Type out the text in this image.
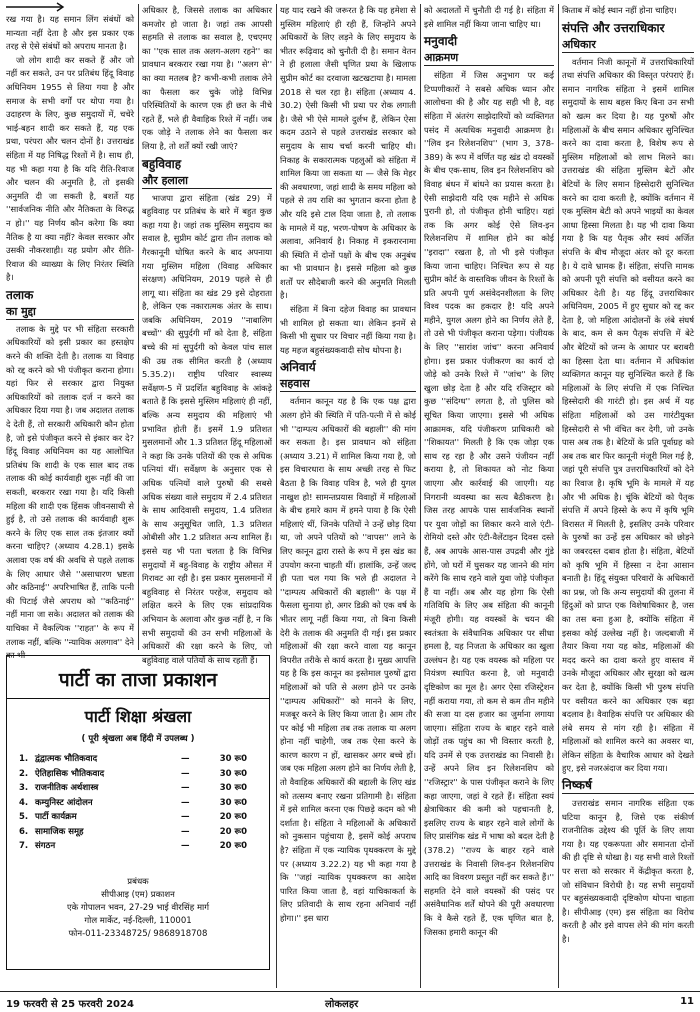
रख गया है। यह समान लिंग संबंधों को मान्यता नहीं देता है और इस प्रकार एक तरह से ऐसे संबंधों को अपराध मानता है।

जो लोग शादी कर सकते हैं और जो नहीं कर सकते, उन पर प्रतिबंध हिंदू विवाह अधिनियम 1955 से लिया गया है और समाज के सभी वर्गों पर थोपा गया है। उदाहरण के लिए, कुछ समुदायों में, चचेरे भाई-बहन शादी कर सकते हैं, यह एक प्रथा, परंपरा और चलन दोनों है। उत्तराखंड संहिता में यह निषिद्ध रिश्तों में है। साथ ही, यह भी कहा गया है कि यदि रीति-रिवाज और चलन की अनुमति है, तो इसकी अनुमति दी जा सकती है, बशर्ते यह ''सार्वजनिक नीति और नैतिकता के विरुद्ध न हो।'' यह निर्णय कौन करेगा कि क्या नैतिक है या क्या नहीं? केवल सरकार और उसकी नौकरशाही। यह प्रयोग और रीति-रिवाज की व्याख्या के लिए निरंतर स्थिति है।

तलाक
का मुद्दा

तलाक के मुद्दे पर भी संहिता सरकारी अधिकारियों को इसी प्रकार का हस्तक्षेप करने की शक्ति देती है। तलाक या विवाह को रद्द करने को भी पंजीकृत कराना होगा। यहां फिर से सरकार द्वारा नियुक्त अधिकारियों को तलाक दर्ज न करने का अधिकार दिया गया है। जब अदालत तलाक दे देती हैं, तो सरकारी अधिकारी कौन होता है, जो इसे पंजीकृत करने से इंकार कर दे? हिंदू विवाह अधिनियम का यह आलोचित प्रतिबंध कि शादी के एक साल बाद तक तलाक की कोई कार्यवाही शुरू नहीं की जा सकती, बरकरार रखा गया है। यदि किसी महिला की शादी एक हिंसक जीवनसाथी से हुई है, तो उसे तलाक की कार्यवाही शुरू करने के लिए एक साल तक इंतजार क्यों करना चाहिए? (अध्याय 4.28.1) इसके अलावा एक वर्ष की अवधि से पहले तलाक के लिए आधार जैसे ''असाधारण भ्रष्टता और कठिनाई'' अपरिभाषित हैं, ताकि पत्नी की पिटाई जैसे अपराध को ''कठिनाई'' नहीं माना जा सके। अदालत को तलाक की याचिका में वैकल्पिक ''राहत'' के रूप में तलाक नहीं, बल्कि ''न्यायिक अलगाव'' देने का भी

अधिकार है, जिससे तलाक का अधिकार कमजोर हो जाता है। जहां तक आपसी सहमति से तलाक का सवाल है, एचएमए का ''एक साल तक अलग-अलग रहने'' का प्रावधान बरकरार रखा गया है। ''अलग से'' का क्या मतलब है? कभी-कभी तलाक लेने का फैसला कर चुके जोड़े विभिन्न परिस्थितियों के कारण एक ही छत के नीचे रहते हैं, भले ही वैवाहिक रिश्ते में नहीं। जब एक जोड़े ने तलाक लेने का फैसला कर लिया है, तो शर्तें क्यों रखी जाएं?

बहुविवाह
और हलाला

भाजपा द्वारा संहिता (खंड 29) में बहुविवाह पर प्रतिबंध के बारे में बहुत कुछ कहा गया है। जहां तक मुस्लिम समुदाय का सवाल है, सुप्रीम कोर्ट द्वारा तीन तलाक को गैरकानूनी घोषित करने के बाद अपनाया गया मुस्लिम महिला (विवाह अधिकार संरक्षण) अधिनियम, 2019 पहले से ही लागू था। संहिता का खंड 29 इसे दोहराता है, लेकिन एक नकारात्मक अंतर के साथ। जबकि अधिनियम, 2019 ''नाबालिग बच्चों'' की सुपुर्दगी माँ को देता है, संहिता बच्चे की मां सुपुर्दगी को केवल पांच साल की उम्र तक सीमित करती है (अध्याय 5.35.2)। राष्ट्रीय परिवार स्वास्थ्य सर्वेक्षण-5 में प्रदर्शित बहुविवाह के आंकड़े बताते हैं कि इससे मुस्लिम महिलाएं ही नहीं, बल्कि अन्य समुदाय की महिलाएं भी प्रभावित होती हैं। इसमें 1.9 प्रतिशत मुसलमानों और 1.3 प्रतिशत हिंदू महिलाओं ने कहा कि उनके पतियों की एक से अधिक पत्नियां थीं। सर्वेक्षण के अनुसार एक से अधिक पत्नियों वाले पुरुषों की सबसे अधिक संख्या वाले समुदाय में 2.4 प्रतिशत के साथ आदिवासी समुदाय, 1.4 प्रतिशत के साथ अनुसूचित जाति, 1.3 प्रतिशत ओबीसी और 1.2 प्रतिशत अन्य शामिल हैं। इससे यह भी पता चलता है कि विभिन्न समुदायों में बहु-विवाह के राष्ट्रीय औसत में गिरावट आ रही है। इस प्रकार मुसलमानों में बहुविवाह से निरंतर परहेज, समुदाय को लक्षित करने के लिए एक सांप्रदायिक अभियान के अलावा और कुछ नहीं है, न कि सभी समुदायों की उन सभी महिलाओं के अधिकारों की रक्षा करने के लिए, जो बहुविवाह वाले पतियों के साथ रहती हैं।

पार्टी का ताजा प्रकाशन
पार्टी शिक्षा श्रंखला
( पूरी श्रृंखला अब हिंदी में उपलब्ध )
1. द्वंद्वात्मक भौतिकवाद	—	30 रू0
2. ऐतिहासिक भौतिकवाद	—	30 रू0
3. राजनीतिक अर्थशास्त्र	—	30 रू0
4. कम्युनिस्ट आंदोलन	—	30 रू0
5. पार्टी कार्यक्रम	—	20 रू0
6. सामाजिक समूह	—	20 रू0
7. संगठन	—	20 रू0
प्रबंधक
सीपीआइ (एम) प्रकाशन
एके गोपालन भवन, 27-29 भाई वीरसिंह मार्ग
गोल मार्केट, नई-दिल्ली, 110001
फोन-011-23348725/ 9868918708

यह याद रखने की जरूरत है कि यह हमेशा से मुस्लिम महिलाएं ही रही हैं, जिन्होंने अपने अधिकारों के लिए लड़ने के लिए समुदाय के भीतर रूढ़िवाद को चुनौती दी है। समान वेतन ने ही हलाला जैसी घृणित प्रथा के खिलाफ सुप्रीम कोर्ट का दरवाजा खटखटाया है। मामला 2018 से चल रहा है। संहिता (अध्याय 4. 30.2) ऐसी किसी भी प्रथा पर रोक लगाती है। जैसे भी ऐसे मामले दुर्लभ हैं, लेकिन ऐसा कदम उठाने से पहले उत्तराखंड सरकार को समुदाय के साथ चर्चा करनी चाहिए थी। निकाह के सकारात्मक पहलुओं को संहिता में शामिल किया जा सकता था — जैसे कि मेहर की अवधारणा, जहां शादी के समय महिला को पहले से तय राशि का भुगतान करना होता है और यदि इसे टाल दिया जाता है, तो तलाक के मामले में यह, भरण-पोषण के अधिकार के अलावा, अनिवार्य है। निकाह में इकरारनामा की स्थिति में दोनों पक्षों के बीच एक अनुबंध का भी प्रावधान है। इससे महिला को कुछ शर्तों पर सौदेबाजी करने की अनुमति मिलती है।

संहिता में बिना दहेज विवाह का प्रावधान भी शामिल हो सकता था। लेकिन इनमें से किसी भी सुधार पर विचार नहीं किया गया है। यह महज बहुसंख्यकवादी सोच थोपना है।

अनिवार्य
सहवास

वर्तमान कानून यह है कि एक पक्ष द्वारा अलग होने की स्थिति में पति-पत्नी में से कोई भी ''दाम्पत्य अधिकारों की बहाली'' की मांग कर सकता है। इस प्रावधान को संहिता (अध्याय 3.21) में शामिल किया गया है, जो इस विचारधारा के साथ अच्छी तरह से फिट बैठता है कि विवाह पवित्र है, भले ही युगल नाखुश हो! सामन्तप्रयास विवाहों में महिलाओं के बीच हमारे काम में हमने पाया है कि ऐसी महिलाएं थीं, जिनके पतियों ने उन्हें छोड़ दिया था, जो अपने पतियों को ''वापस'' लाने के लिए कानून द्वारा रास्ते के रूप में इस खंड का उपयोग करना चाहती थीं। हालांकि, उन्हें जल्द ही पता चल गया कि भले ही अदालत ने ''दाम्पत्य अधिकारों की बहाली'' के पक्ष में फैसला सुनाया हो, अगर डिक्री को एक वर्ष के भीतर लागू नहीं किया गया, तो बिना किसी देरी के तलाक की अनुमति दी गई। इस प्रकार महिलाओं की रक्षा करने वाला यह कानून विपरीत तरीके से कार्य करता है। मुख्य आपत्ति यह है कि इस कानून का इस्तेमाल पुरुषों द्वारा महिलाओं को पति से अलग होने पर उनके ''दाम्पत्य अधिकारों'' को मानने के लिए, मजबूर करने के लिए किया जाता है। आम तौर पर कोई भी महिला तब तक तलाक या अलग होना नहीं चाहेगी, जब तक ऐसा करने के कारण कारण न हों, खासकर अगर बच्चे हों। जब एक महिला अलग होने का निर्णय लेती है, तो वैवाहिक अधिकारों की बहाली के लिए खंड को तत्सम्य बनाए रखना प्रतिगामी है। संहिता में इसे शामिल करना एक पिछड़े कदम को भी दर्शाता है। संहिता ने महिलाओं के अधिकारों को नुकसान पहुंचाया है, इसमें कोई अपराध है? संहिता में एक न्यायिक पृथक्करण के मुद्दे पर (अध्याय 3.22.2) यह भी कहा गया है कि ''जहां न्यायिक पृथक्करण का आदेश पारित किया जाता है, वहां याचिकाकर्ता के लिए प्रतिवादी के साथ रहना अनिवार्य नहीं होगा।'' इस धारा

को अदालतों में चुनौती दी गई है। संहिता में इसे शामिल नहीं किया जाना चाहिए था।

मनुवादी
आक्रमण

संहिता में जिस अनुभाग पर कई टिप्पणीकारों ने सबसे अधिक ध्यान और आलोचना की है और यह सही भी है, वह संहिता में अंतरंग साझेदारियों को व्यक्तिगत पसंद में अत्यधिक मनुवादी आक्रमण है। ''लिव इन रिलेशनशिप'' (भाग 3, 378-389) के रूप में वर्णित यह खंड दो वयस्कों के बीच एक-साथ, लिव इन रिलेशनशिप को विवाह बंधन में बांधने का प्रयास करता है। ऐसी साझेदारी यदि एक महीने से अधिक पुरानी हो, तो पंजीकृत होनी चाहिए। यहां तक कि अगर कोई ऐसे लिव-इन रिलेशनशिप में शामिल होने का कोई ''इरादा'' रखता है, तो भी इसे पंजीकृत किया जाना चाहिए। निश्चित रूप से यह सुप्रीम कोर्ट के वास्तविक जीवन के रिश्तों के प्रति अपनी पूर्ण असंवेदनशीलता के लिए विश्व पदक का हकदार है! यदि अपने महीने, युगल अलग होने का निर्णय लेते हैं, तो उसे भी पंजीकृत कराना पड़ेगा। पंजीयक के लिए ''सारांश जांच'' करना अनिवार्य होगा। इस प्रकार पंजीकरण का कार्य दो जोड़े को उनके रिश्ते में ''जांच'' के लिए खुला छोड़ देता है और यदि रजिस्ट्रार को कुछ ''संदिग्ध'' लगता है, तो पुलिस को सूचित किया जाएगा। इससे भी अधिक आक्रामक, यदि पंजीकरण प्राधिकारी को ''शिकायत'' मिलती है कि एक जोड़ा एक साथ रह रहा है और उसने पंजीयन नहीं कराया है, तो शिकायत को नोट किया जाएगा और कार्रवाई की जाएगी। यह निगरानी व्यवस्था का सत्य बैठीकरण है। जिस तरह आपके पास सार्वजनिक स्थानों पर युवा जोड़ों का शिकार करने वाले एंटी-रोमियो दस्ते और एंटी-वैलेंटाइन दिवस दस्ते हैं, अब आपके आस-पास उपद्रवी और गुंडे होंगे, जो घरों में घुसकर यह जानने की मांग करेंगे कि साथ रहने वाले युवा जोड़े पंजीकृत हैं या नहीं। अब और यह होगा कि ऐसी गतिविधि के लिए अब संहिता की कानूनी मंजूरी होगी। यह वयस्कों के चयन की स्वतंत्रता के संवैधानिक अधिकार पर सीधा हमला है, यह निजता के अधिकार का खुला उल्लंघन है। यह एक वयस्क को महिला पर नियंत्रण स्थापित करना है, जो मनुवादी दृष्टिकोण का मूल है। अगर ऐसा रजिस्ट्रेशन नहीं कराया गया, तो कम से कम तीन महीने की सजा या दस हजार का जुर्माना लगाया जाएगा। संहिता राज्य के बाहर रहने वाले जोड़ों तक पहुंच का भी विस्तार करती है, यदि उनमें से एक उत्तराखंड का निवासी है। उन्हें अपने लिव इन रिलेशनशिप को ''रजिस्ट्रार'' के पास पंजीकृत कराने के लिए कहा जाएगा, जहां वे रहते हैं। संहिता स्वयं क्षेत्राधिकार की कमी को पहचानती है, इसलिए राज्य के बाहर रहने वाले लोगों के लिए प्रासंगिक खंड में भाषा को बदल देती है (378.2) ''राज्य के बाहर रहने वाले उत्तराखंड के निवासी लिव-इन रिलेशनशिप आदि का विवरण प्रस्तुत नहीं कर सकते हैं।'' सहमति देने वाले वयस्कों की पसंद पर असंवैधानिक शर्तें थोपने की पूरी अवधारणा कि वे कैसे रहते हैं, एक घृणित बात है, जिसका हमारी कानून की

किताब में कोई स्थान नहीं होना चाहिए।

संपत्ति और उत्तराधिकार
अधिकार

वर्तमान निजी कानूनों में उत्तराधिकारियों तथा संपत्ति अधिकार की विस्तृत परंपराएं हैं। समान नागरिक संहिता ने इसमें शामिल समुदायों के साथ बहस किए बिना उन सभी को खत्म कर दिया है। यह पुरुषों और महिलाओं के बीच समान अधिकार सुनिश्चित करने का दावा करता है, विशेष रूप से मुस्लिम महिलाओं को लाभ मिलने का। उत्तराखंड की संहिता मुस्लिम बेटों और बेटियों के लिए समान हिस्सेदारी सुनिश्चित करने का दावा करती है, क्योंकि वर्तमान में एक मुस्लिम बेटी को अपने भाइयों का केवल आधा हिस्सा मिलता है। यह भी दावा किया गया है कि यह पैतृक और स्वयं अर्जित संपत्ति के बीच मौजूदा अंतर को दूर करता है। ये दावे भ्रामक हैं। संहिता, संपत्ति मामक को अपनी पूरी संपत्ति को वसीयत करने का अधिकार देती है। यह हिंदू उत्तराधिकार अधिनियम, 2005 में हुए सुधार को रद्द कर देता है, जो महिला आंदोलनों के लंबे संघर्ष के बाद, कम से कम पैतृक संपत्ति में बेटे और बेटियों को जन्म के आधार पर बराबरी का हिस्सा देता था। वर्तमान में अधिकांश व्यक्तिगत कानून यह सुनिश्चित करते हैं कि महिलाओं के लिए संपत्ति में एक निश्चित हिस्सेदारी की गारंटी हो। इस अर्थ में यह संहिता महिलाओं को उस गारंटीयुक्त हिस्सेदारी से भी वंचित कर देगी, जो उनके पास अब तक है। बेटियों के प्रति पूर्वाग्रह को अब तक बार फिर कानूनी मंजूरी मिल गई है, जहां पूरी संपत्ति पुत्र उत्तराधिकारियों को देने का रिवाज है। कृषि भूमि के मामले में यह और भी अधिक है। चूंकि बेटियों को पैतृक संपत्ति में अपने हिस्से के रूप में कृषि भूमि विरासत में मिलती है, इसलिए उनके परिवार के पुरुषों का उन्हें इस अधिकार को छोड़ने का जबरदस्त दबाव होता है। संहिता, बेटियों को कृषि भूमि में हिस्सा न देना आसान बनाती है। हिंदू संयुक्त परिवारों के अधिकारों का प्रश्न, जो कि अन्य समुदायों की तुलना में हिंदुओं को प्राप्त एक विशेषाधिकार है, जस का तस बना हुआ है, क्योंकि संहिता में इसका कोई उल्लेख नहीं है। जल्दबाजी में तैयार किया गया यह कोड, महिलाओं की मदद करने का दावा करते हुए वास्तव में उनके मौजूदा अधिकार और सुरक्षा को खत्म कर देता है, क्योंकि किसी भी पुरुष संपत्ति पर वसीयत करने का अधिकार एक बड़ा बदलाव है। वैवाहिक संपत्ति पर अधिकार की लंबे समय से मांग रही है। संहिता में महिलाओं को शामिल करने का अवसर था, लेकिन संहिता के वैचारिक आधार को देखते हुए, इसे नजरअंदाज कर दिया गया।

निष्कर्ष

उत्तराखंड समान नागरिक संहिता एक घटिया कानून है, जिसे एक संकीर्ण राजनीतिक उद्देश्य की पूर्ति के लिए लाया गया है। यह एकरूपता और समानता दोनों की ही दृष्टि से धोखा है। यह सभी वाले रिश्तों पर सत्ता को सरकार में केंद्रीकृत करता है, जो संविधान विरोधी है। यह सभी समुदायों पर बहुसंख्यकवादी दृष्टिकोण थोपना चाहता है। सीपीआइ (एम) इस संहिता का विरोध करती है और इसे वापस लेने की मांग करती है।

19 फरवरी से 25 फरवरी 2024	लोकलहर	11
